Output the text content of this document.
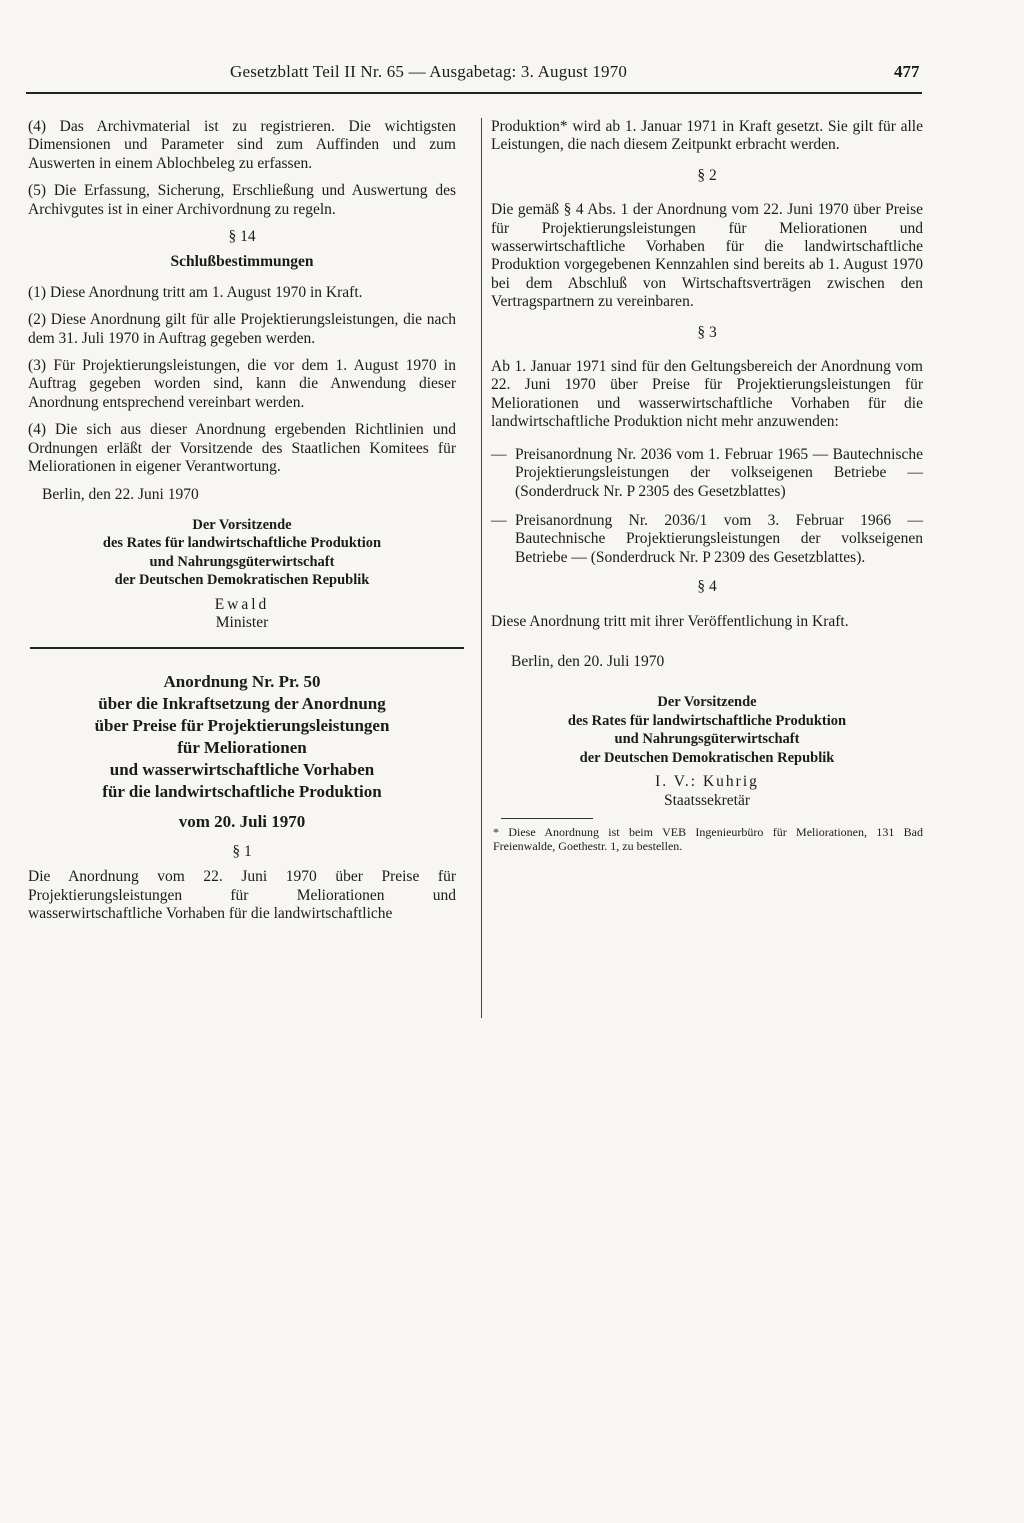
Gesetzblatt Teil II Nr. 65 — Ausgabetag: 3. August 1970	477

(4) Das Archivmaterial ist zu registrieren. Die wichtigsten Dimensionen und Parameter sind zum Auffinden und zum Auswerten in einem Ablochbeleg zu erfassen.

(5) Die Erfassung, Sicherung, Erschließung und Auswertung des Archivgutes ist in einer Archivordnung zu regeln.

§ 14

Schlußbestimmungen

(1) Diese Anordnung tritt am 1. August 1970 in Kraft.

(2) Diese Anordnung gilt für alle Projektierungsleistungen, die nach dem 31. Juli 1970 in Auftrag gegeben werden.

(3) Für Projektierungsleistungen, die vor dem 1. August 1970 in Auftrag gegeben worden sind, kann die Anwendung dieser Anordnung entsprechend vereinbart werden.

(4) Die sich aus dieser Anordnung ergebenden Richtlinien und Ordnungen erläßt der Vorsitzende des Staatlichen Komitees für Meliorationen in eigener Verantwortung.

Berlin, den 22. Juni 1970

Der Vorsitzende
des Rates für landwirtschaftliche Produktion
und Nahrungsgüterwirtschaft
der Deutschen Demokratischen Republik
Ewald
Minister
Anordnung Nr. Pr. 50
über die Inkraftsetzung der Anordnung
über Preise für Projektierungsleistungen
für Meliorationen
und wasserwirtschaftliche Vorhaben
für die landwirtschaftliche Produktion
vom 20. Juli 1970

§ 1

Die Anordnung vom 22. Juni 1970 über Preise für Projektierungsleistungen für Meliorationen und wasserwirtschaftliche Vorhaben für die landwirtschaftliche

Produktion* wird ab 1. Januar 1971 in Kraft gesetzt. Sie gilt für alle Leistungen, die nach diesem Zeitpunkt erbracht werden.

§ 2

Die gemäß § 4 Abs. 1 der Anordnung vom 22. Juni 1970 über Preise für Projektierungsleistungen für Meliorationen und wasserwirtschaftliche Vorhaben für die landwirtschaftliche Produktion vorgegebenen Kennzahlen sind bereits ab 1. August 1970 bei dem Abschluß von Wirtschaftsverträgen zwischen den Vertragspartnern zu vereinbaren.

§ 3

Ab 1. Januar 1971 sind für den Geltungsbereich der Anordnung vom 22. Juni 1970 über Preise für Projektierungsleistungen für Meliorationen und wasserwirtschaftliche Vorhaben für die landwirtschaftliche Produktion nicht mehr anzuwenden:

— Preisanordnung Nr. 2036 vom 1. Februar 1965 — Bautechnische Projektierungsleistungen der volkseigenen Betriebe — (Sonderdruck Nr. P 2305 des Gesetzblattes)

— Preisanordnung Nr. 2036/1 vom 3. Februar 1966 — Bautechnische Projektierungsleistungen der volkseigenen Betriebe — (Sonderdruck Nr. P 2309 des Gesetzblattes).

§ 4

Diese Anordnung tritt mit ihrer Veröffentlichung in Kraft.

Berlin, den 20. Juli 1970

Der Vorsitzende
des Rates für landwirtschaftliche Produktion
und Nahrungsgüterwirtschaft
der Deutschen Demokratischen Republik
I. V.: Kuhrig
Staatssekretär

* Diese Anordnung ist beim VEB Ingenieurbüro für Meliorationen, 131 Bad Freienwalde, Goethestr. 1, zu bestellen.
